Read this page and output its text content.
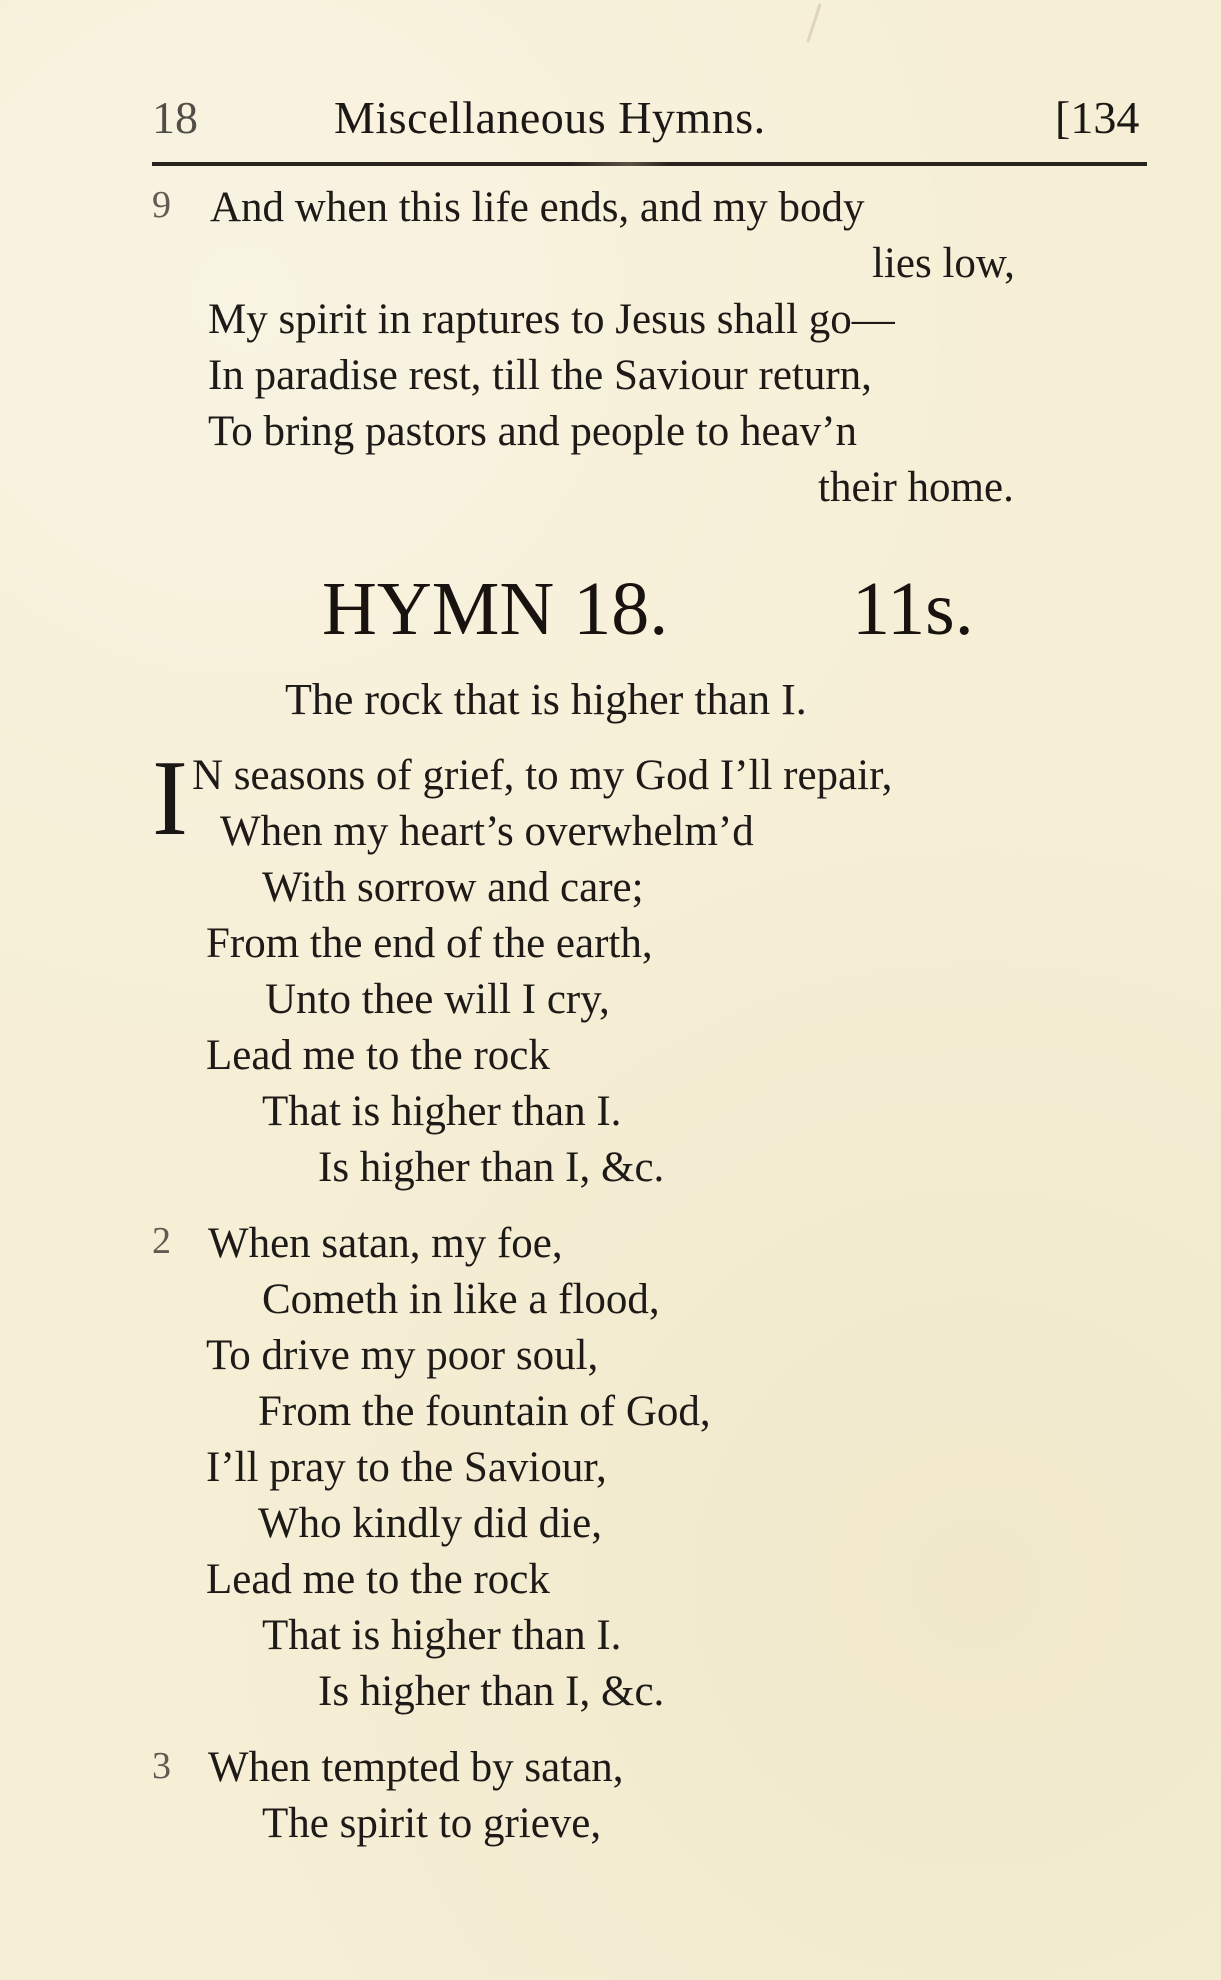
18	Miscellaneous Hymns.	[134
9 And when this life ends, and my body
lies low,
My spirit in raptures to Jesus shall go—
In paradise rest, till the Saviour return,
To bring pastors and people to heav’n
their home.
HYMN 18. 11s.
The rock that is higher than I.
I N seasons of grief, to my God I’ll repair,
When my heart’s overwhelm’d
With sorrow and care;
From the end of the earth,
Unto thee will I cry,
Lead me to the rock
That is higher than I.
Is higher than I, &c.
2 When satan, my foe,
Cometh in like a flood,
To drive my poor soul,
From the fountain of God,
I’ll pray to the Saviour,
Who kindly did die,
Lead me to the rock
That is higher than I.
Is higher than I, &c.
3 When tempted by satan,
The spirit to grieve,
